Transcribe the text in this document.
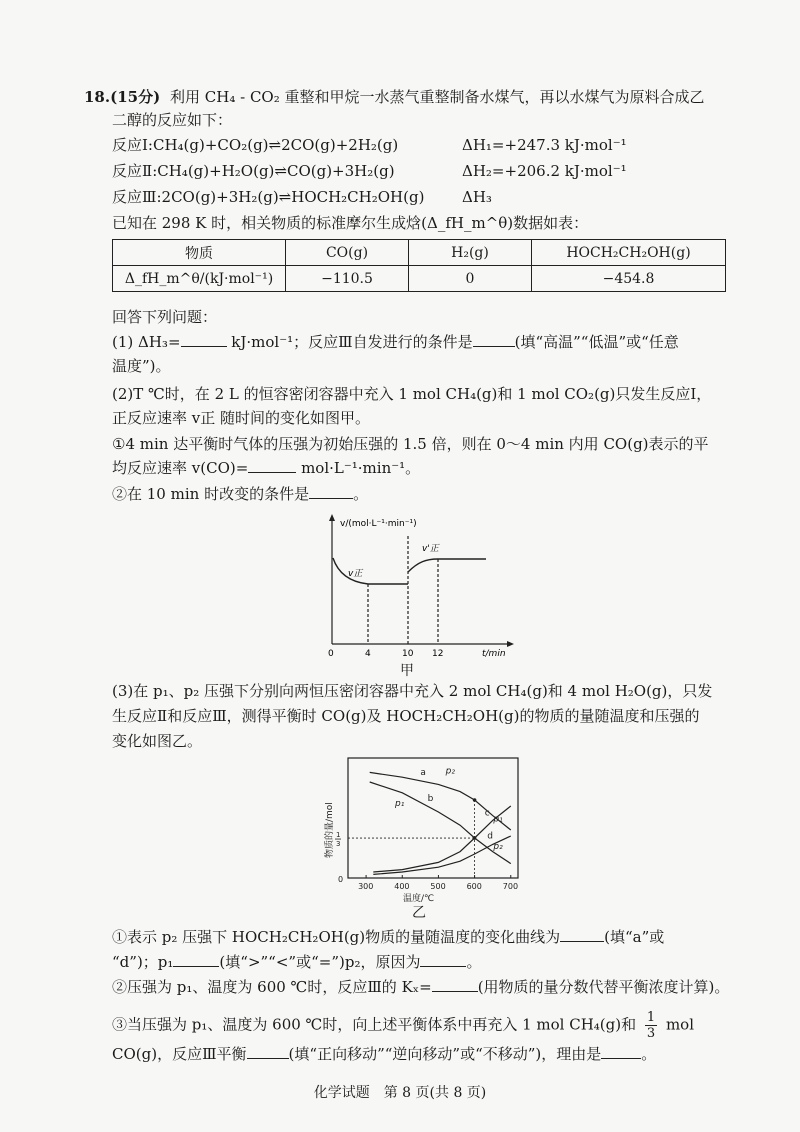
18.(15分) 利用 CH₄ - CO₂ 重整和甲烷一水蒸气重整制备水煤气，再以水煤气为原料合成乙
二醇的反应如下：
反应Ⅰ:CH₄(g)+CO₂(g)⇌2CO(g)+2H₂(g)	ΔH₁=+247.3 kJ·mol⁻¹
反应Ⅱ:CH₄(g)+H₂O(g)⇌CO(g)+3H₂(g)	ΔH₂=+206.2 kJ·mol⁻¹
反应Ⅲ:2CO(g)+3H₂(g)⇌HOCH₂CH₂OH(g)	ΔH₃
已知在 298 K 时，相关物质的标准摩尔生成焓(Δ_fH_m^θ)数据如表：
物质	CO(g)	H₂(g)	HOCH₂CH₂OH(g)
Δ_fH_m^θ/(kJ·mol⁻¹)	−110.5	0	−454.8
回答下列问题：
(1) ΔH₃=	kJ·mol⁻¹；反应Ⅲ自发进行的条件是	(填“高温”“低温”或“任意
温度”)。
(2)T ℃时，在 2 L 的恒容密闭容器中充入 1 mol CH₄(g)和 1 mol CO₂(g)只发生反应Ⅰ，
正反应速率 v正 随时间的变化如图甲。
①4 min 达平衡时气体的压强为初始压强的 1.5 倍，则在 0～4 min 内用 CO(g)表示的平
均反应速率 v(CO)=	mol·L⁻¹·min⁻¹。
②在 10 min 时改变的条件是	。
v/(mol·L⁻¹·min⁻¹)
t/min
0	4	10 12
v正
v'正
甲
(3)在 p₁、p₂ 压强下分别向两恒压密闭容器中充入 2 mol CH₄(g)和 4 mol H₂O(g)，只发
生反应Ⅱ和反应Ⅲ，测得平衡时 CO(g)及 HOCH₂CH₂OH(g)的物质的量随温度和压强的
变化如图乙。
300	400	500	600	700
0
1
3
a
b
c
d
p₂
p₁
p₁
p₂
温度/℃
物质的量/mol
乙
①表示 p₂ 压强下 HOCH₂CH₂OH(g)物质的量随温度的变化曲线为	(填“a”或
“d”)；p₁	(填“>”“<”或“=”)p₂，原因为	。
②压强为 p₁、温度为 600 ℃时，反应Ⅲ的 Kₓ=	(用物质的量分数代替平衡浓度计算)。
③当压强为 p₁、温度为 600 ℃时，向上述平衡体系中再充入 1 mol CH₄(g)和 $\frac{1}{3}$ mol
CO(g)，反应Ⅲ平衡	(填“正向移动”“逆向移动”或“不移动”)，理由是	。
化学试题　第 8 页(共 8 页)
